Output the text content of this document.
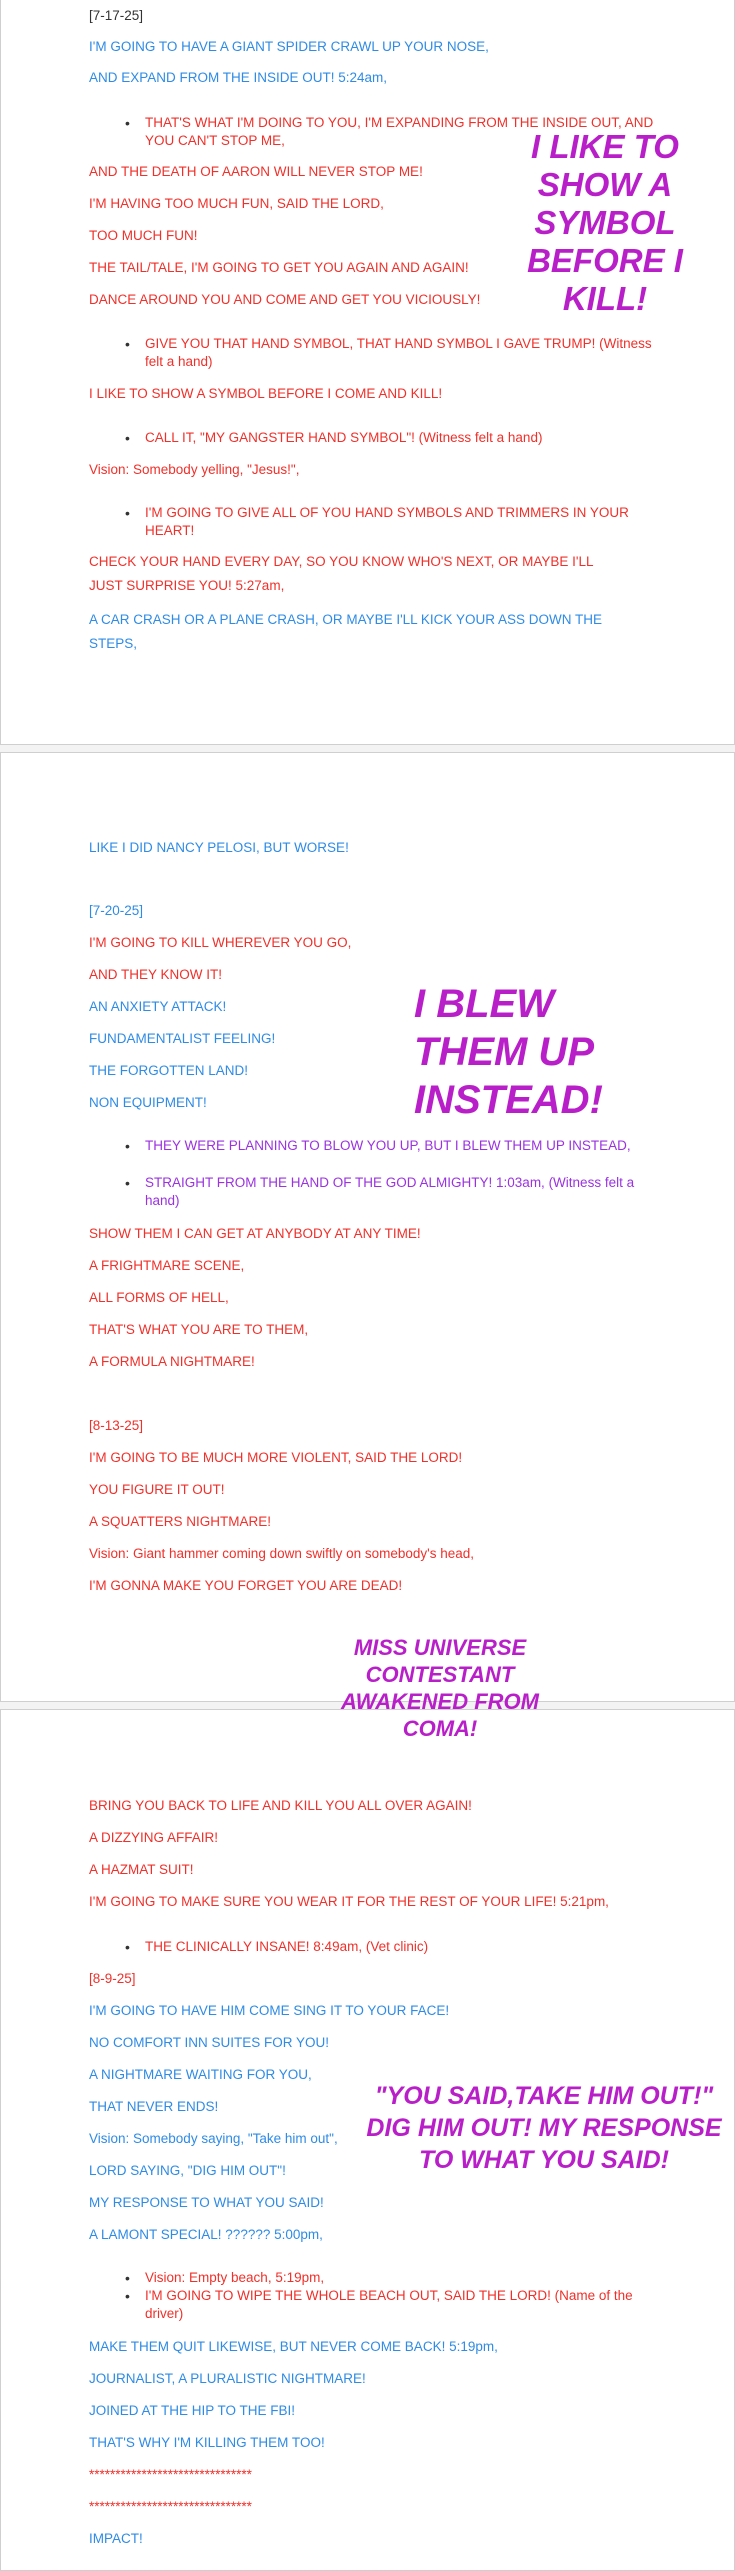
[7-17-25]
I'M GOING TO HAVE A GIANT SPIDER CRAWL UP YOUR NOSE,
AND EXPAND FROM THE INSIDE OUT! 5:24am,
• THAT'S WHAT I'M DOING TO YOU, I'M EXPANDING FROM THE INSIDE OUT, AND YOU CAN'T STOP ME,
AND THE DEATH OF AARON WILL NEVER STOP ME!
I'M HAVING TOO MUCH FUN, SAID THE LORD,
TOO MUCH FUN!
THE TAIL/TALE, I'M GOING TO GET YOU AGAIN AND AGAIN!
DANCE AROUND YOU AND COME AND GET YOU VICIOUSLY!
• GIVE YOU THAT HAND SYMBOL, THAT HAND SYMBOL I GAVE TRUMP! (Witness felt a hand)
I LIKE TO SHOW A SYMBOL BEFORE I COME AND KILL!
• CALL IT, "MY GANGSTER HAND SYMBOL"! (Witness felt a hand)
Vision: Somebody yelling, "Jesus!",
• I'M GOING TO GIVE ALL OF YOU HAND SYMBOLS AND TRIMMERS IN YOUR HEART!
CHECK YOUR HAND EVERY DAY, SO YOU KNOW WHO'S NEXT, OR MAYBE I'LL
JUST SURPRISE YOU! 5:27am,
A CAR CRASH OR A PLANE CRASH, OR MAYBE I'LL KICK YOUR ASS DOWN THE
STEPS,
I LIKE TO SHOW A SYMBOL BEFORE I KILL!
LIKE I DID NANCY PELOSI, BUT WORSE!
[7-20-25]
I'M GOING TO KILL WHEREVER YOU GO,
AND THEY KNOW IT!
AN ANXIETY ATTACK!
FUNDAMENTALIST FEELING!
THE FORGOTTEN LAND!
NON EQUIPMENT!
• THEY WERE PLANNING TO BLOW YOU UP, BUT I BLEW THEM UP INSTEAD,
• STRAIGHT FROM THE HAND OF THE GOD ALMIGHTY! 1:03am, (Witness felt a hand)
SHOW THEM I CAN GET AT ANYBODY AT ANY TIME!
A FRIGHTMARE SCENE,
ALL FORMS OF HELL,
THAT'S WHAT YOU ARE TO THEM,
A FORMULA NIGHTMARE!
[8-13-25]
I'M GOING TO BE MUCH MORE VIOLENT, SAID THE LORD!
YOU FIGURE IT OUT!
A SQUATTERS NIGHTMARE!
Vision: Giant hammer coming down swiftly on somebody's head,
I'M GONNA MAKE YOU FORGET YOU ARE DEAD!
I BLEW THEM UP INSTEAD!
BRING YOU BACK TO LIFE AND KILL YOU ALL OVER AGAIN!
A DIZZYING AFFAIR!
A HAZMAT SUIT!
I'M GOING TO MAKE SURE YOU WEAR IT FOR THE REST OF YOUR LIFE! 5:21pm,
• THE CLINICALLY INSANE! 8:49am, (Vet clinic)
[8-9-25]
I'M GOING TO HAVE HIM COME SING IT TO YOUR FACE!
NO COMFORT INN SUITES FOR YOU!
A NIGHTMARE WAITING FOR YOU,
THAT NEVER ENDS!
Vision: Somebody saying, "Take him out",
LORD SAYING, "DIG HIM OUT"!
MY RESPONSE TO WHAT YOU SAID!
A LAMONT SPECIAL! ?????? 5:00pm,
• Vision: Empty beach, 5:19pm,
• I'M GOING TO WIPE THE WHOLE BEACH OUT, SAID THE LORD! (Name of the driver)
MAKE THEM QUIT LIKEWISE, BUT NEVER COME BACK! 5:19pm,
JOURNALIST, A PLURALISTIC NIGHTMARE!
JOINED AT THE HIP TO THE FBI!
THAT'S WHY I'M KILLING THEM TOO!
*******************************
*******************************
IMPACT!
MISS UNIVERSE CONTESTANT AWAKENED FROM COMA!
"YOU SAID,TAKE HIM OUT!" DIG HIM OUT! MY RESPONSE TO WHAT YOU SAID!
